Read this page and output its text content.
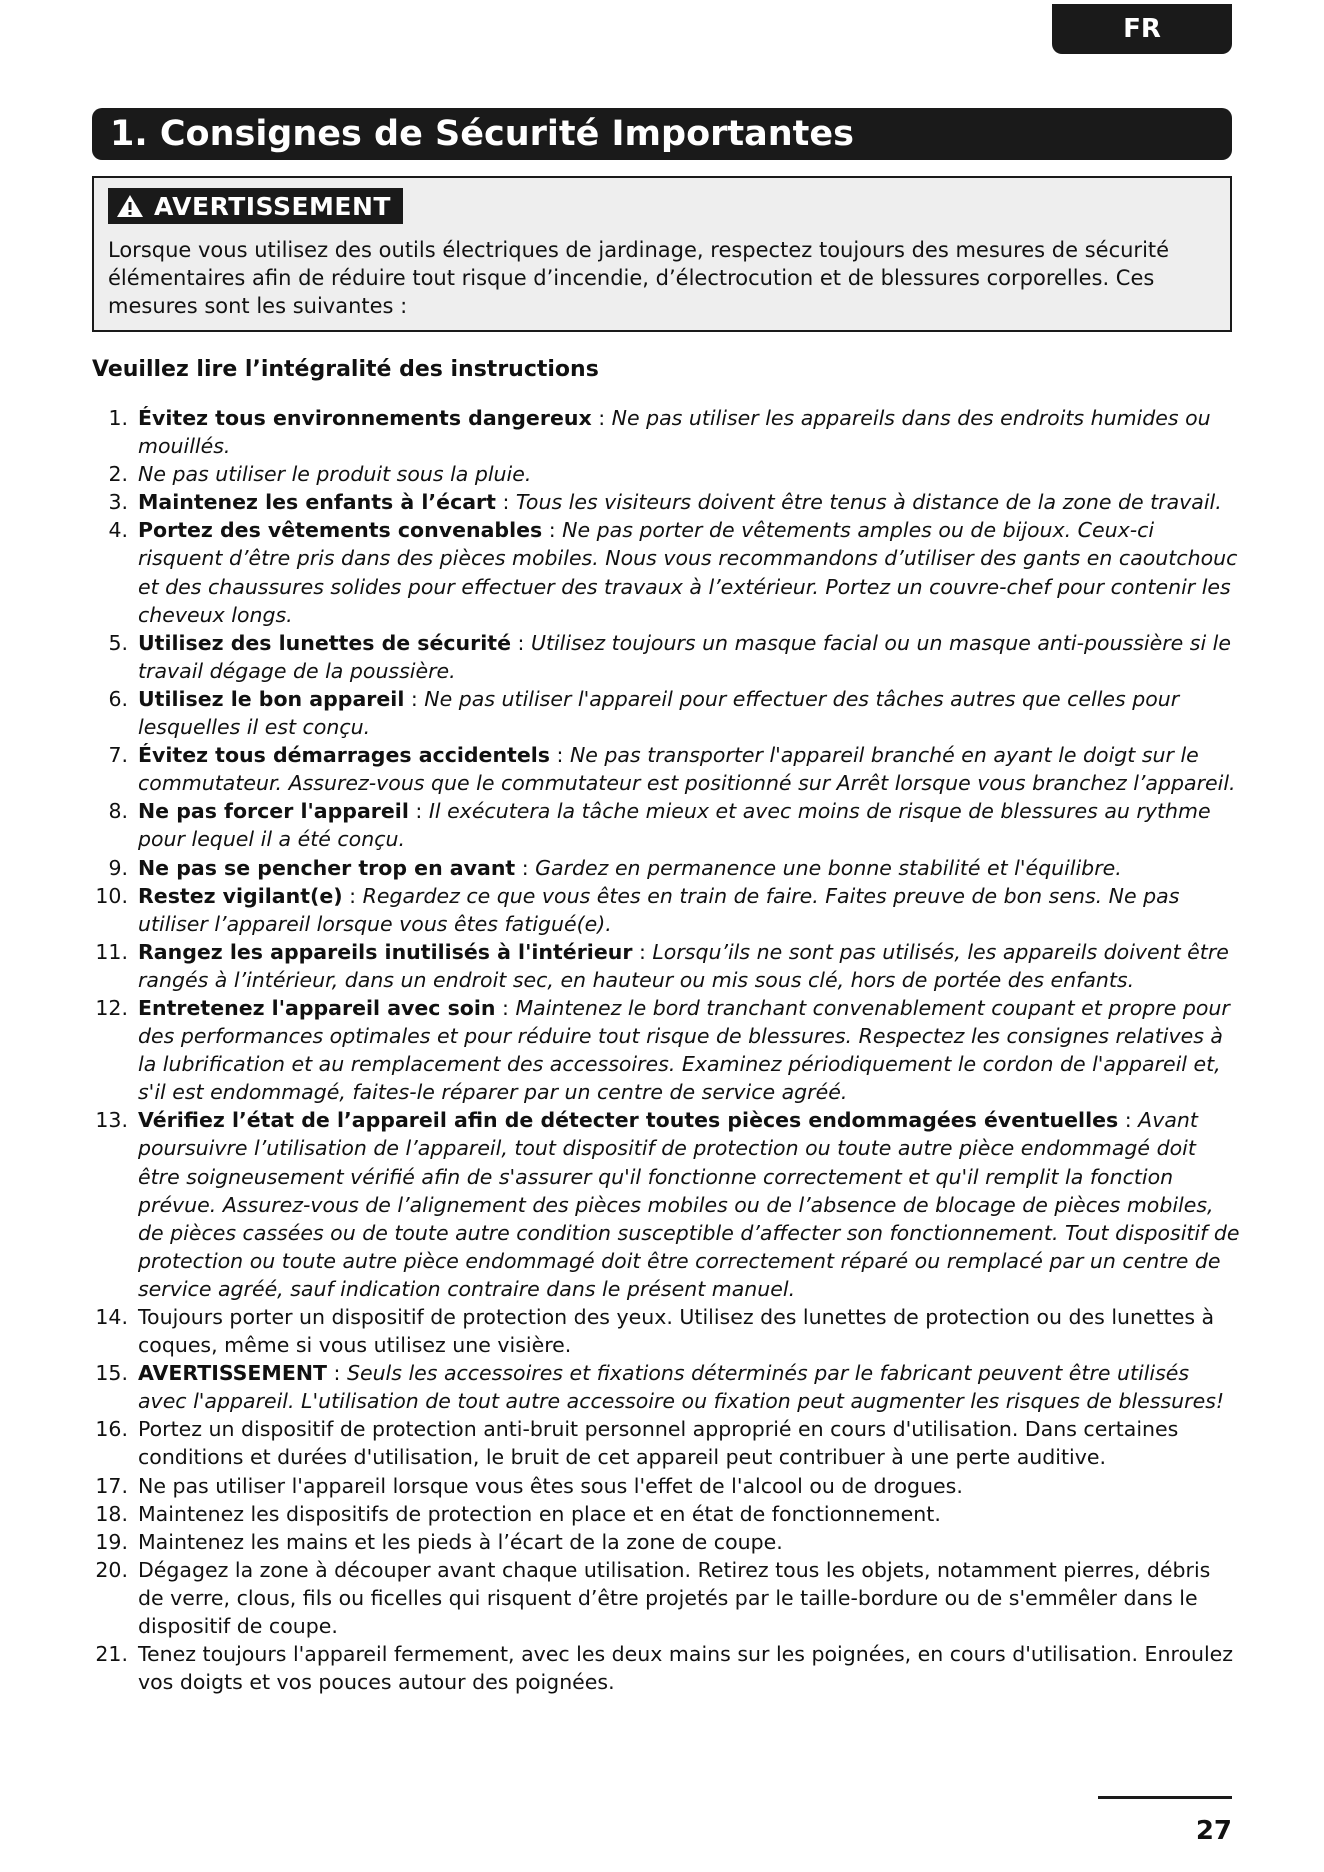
FR
1. Consignes de Sécurité Importantes
AVERTISSEMENT
Lorsque vous utilisez des outils électriques de jardinage, respectez toujours des mesures de sécurité élémentaires afin de réduire tout risque d’incendie, d’électrocution et de blessures corporelles. Ces mesures sont les suivantes :
Veuillez lire l’intégralité des instructions
1. Évitez tous environnements dangereux : Ne pas utiliser les appareils dans des endroits humides ou mouillés.
2. Ne pas utiliser le produit sous la pluie.
3. Maintenez les enfants à l’écart : Tous les visiteurs doivent être tenus à distance de la zone de travail.
4. Portez des vêtements convenables : Ne pas porter de vêtements amples ou de bijoux. Ceux-ci risquent d’être pris dans des pièces mobiles. Nous vous recommandons d’utiliser des gants en caoutchouc et des chaussures solides pour effectuer des travaux à l’extérieur. Portez un couvre-chef pour contenir les cheveux longs.
5. Utilisez des lunettes de sécurité : Utilisez toujours un masque facial ou un masque anti-poussière si le travail dégage de la poussière.
6. Utilisez le bon appareil : Ne pas utiliser l'appareil pour effectuer des tâches autres que celles pour lesquelles il est conçu.
7. Évitez tous démarrages accidentels : Ne pas transporter l'appareil branché en ayant le doigt sur le commutateur. Assurez-vous que le commutateur est positionné sur Arrêt lorsque vous branchez l’appareil.
8. Ne pas forcer l'appareil : Il exécutera la tâche mieux et avec moins de risque de blessures au rythme pour lequel il a été conçu.
9. Ne pas se pencher trop en avant : Gardez en permanence une bonne stabilité et l'équilibre.
10. Restez vigilant(e) : Regardez ce que vous êtes en train de faire. Faites preuve de bon sens. Ne pas utiliser l’appareil lorsque vous êtes fatigué(e).
11. Rangez les appareils inutilisés à l'intérieur : Lorsqu’ils ne sont pas utilisés, les appareils doivent être rangés à l’intérieur, dans un endroit sec, en hauteur ou mis sous clé, hors de portée des enfants.
12. Entretenez l'appareil avec soin : Maintenez le bord tranchant convenablement coupant et propre pour des performances optimales et pour réduire tout risque de blessures. Respectez les consignes relatives à la lubrification et au remplacement des accessoires. Examinez périodiquement le cordon de l'appareil et, s'il est endommagé, faites-le réparer par un centre de service agréé.
13. Vérifiez l’état de l’appareil afin de détecter toutes pièces endommagées éventuelles : Avant poursuivre l’utilisation de l’appareil, tout dispositif de protection ou toute autre pièce endommagé doit être soigneusement vérifié afin de s'assurer qu'il fonctionne correctement et qu'il remplit la fonction prévue. Assurez-vous de l’alignement des pièces mobiles ou de l’absence de blocage de pièces mobiles, de pièces cassées ou de toute autre condition susceptible d’affecter son fonctionnement. Tout dispositif de protection ou toute autre pièce endommagé doit être correctement réparé ou remplacé par un centre de service agréé, sauf indication contraire dans le présent manuel.
14. Toujours porter un dispositif de protection des yeux. Utilisez des lunettes de protection ou des lunettes à coques, même si vous utilisez une visière.
15. AVERTISSEMENT : Seuls les accessoires et fixations déterminés par le fabricant peuvent être utilisés avec l'appareil. L'utilisation de tout autre accessoire ou fixation peut augmenter les risques de blessures!
16. Portez un dispositif de protection anti-bruit personnel approprié en cours d'utilisation. Dans certaines conditions et durées d'utilisation, le bruit de cet appareil peut contribuer à une perte auditive.
17. Ne pas utiliser l'appareil lorsque vous êtes sous l'effet de l'alcool ou de drogues.
18. Maintenez les dispositifs de protection en place et en état de fonctionnement.
19. Maintenez les mains et les pieds à l’écart de la zone de coupe.
20. Dégagez la zone à découper avant chaque utilisation. Retirez tous les objets, notamment pierres, débris de verre, clous, fils ou ficelles qui risquent d’être projetés par le taille-bordure ou de s'emmêler dans le dispositif de coupe.
21. Tenez toujours l'appareil fermement, avec les deux mains sur les poignées, en cours d'utilisation. Enroulez vos doigts et vos pouces autour des poignées.
27
